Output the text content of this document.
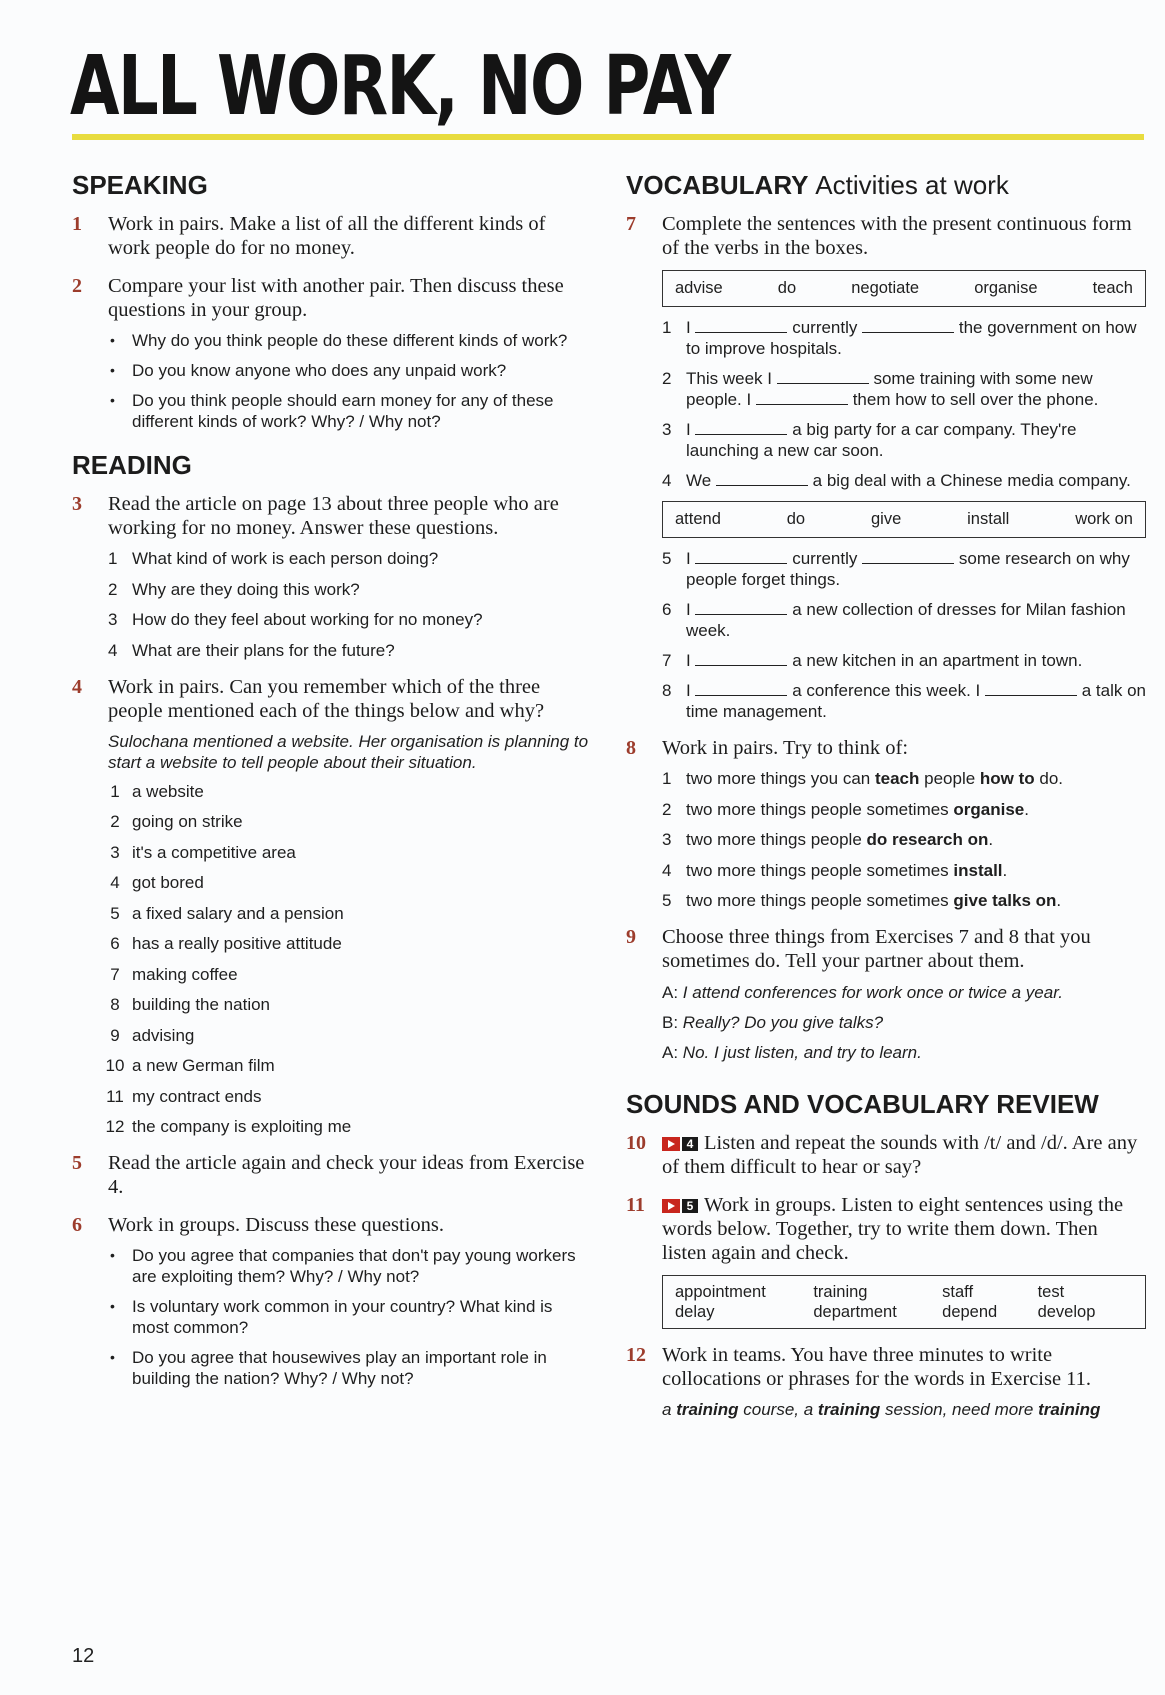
ALL WORK, NO PAY
SPEAKING
1 Work in pairs. Make a list of all the different kinds of work people do for no money.
2 Compare your list with another pair. Then discuss these questions in your group.
• Why do you think people do these different kinds of work?
• Do you know anyone who does any unpaid work?
• Do you think people should earn money for any of these different kinds of work? Why? / Why not?
READING
3 Read the article on page 13 about three people who are working for no money. Answer these questions.
1 What kind of work is each person doing?
2 Why are they doing this work?
3 How do they feel about working for no money?
4 What are their plans for the future?
4 Work in pairs. Can you remember which of the three people mentioned each of the things below and why?
Sulochana mentioned a website. Her organisation is planning to start a website to tell people about their situation.
1 a website
2 going on strike
3 it's a competitive area
4 got bored
5 a fixed salary and a pension
6 has a really positive attitude
7 making coffee
8 building the nation
9 advising
10 a new German film
11 my contract ends
12 the company is exploiting me
5 Read the article again and check your ideas from Exercise 4.
6 Work in groups. Discuss these questions.
• Do you agree that companies that don't pay young workers are exploiting them? Why? / Why not?
• Is voluntary work common in your country? What kind is most common?
• Do you agree that housewives play an important role in building the nation? Why? / Why not?
VOCABULARY Activities at work
7 Complete the sentences with the present continuous form of the verbs in the boxes.
advise	do	negotiate	organise	teach
1 I	currently	the government on how to improve hospitals.
2 This week I	some training with some new people. I	them how to sell over the phone.
3 I	a big party for a car company. They're launching a new car soon.
4 We	a big deal with a Chinese media company.
attend	do	give	install	work on
5 I	currently	some research on why people forget things.
6 I	a new collection of dresses for Milan fashion week.
7 I	a new kitchen in an apartment in town.
8 I	a conference this week. I	a talk on time management.
8 Work in pairs. Try to think of:
1 two more things you can teach people how to do.
2 two more things people sometimes organise.
3 two more things people do research on.
4 two more things people sometimes install.
5 two more things people sometimes give talks on.
9 Choose three things from Exercises 7 and 8 that you sometimes do. Tell your partner about them.
A: I attend conferences for work once or twice a year.
B: Really? Do you give talks?
A: No. I just listen, and try to learn.
SOUNDS AND VOCABULARY REVIEW
10	4 Listen and repeat the sounds with /t/ and /d/. Are any of them difficult to hear or say?
11	5 Work in groups. Listen to eight sentences using the words below. Together, try to write them down. Then listen again and check.
appointment	training	staff	test
delay	department	depend	develop
12 Work in teams. You have three minutes to write collocations or phrases for the words in Exercise 11.
a training course, a training session, need more training
12
